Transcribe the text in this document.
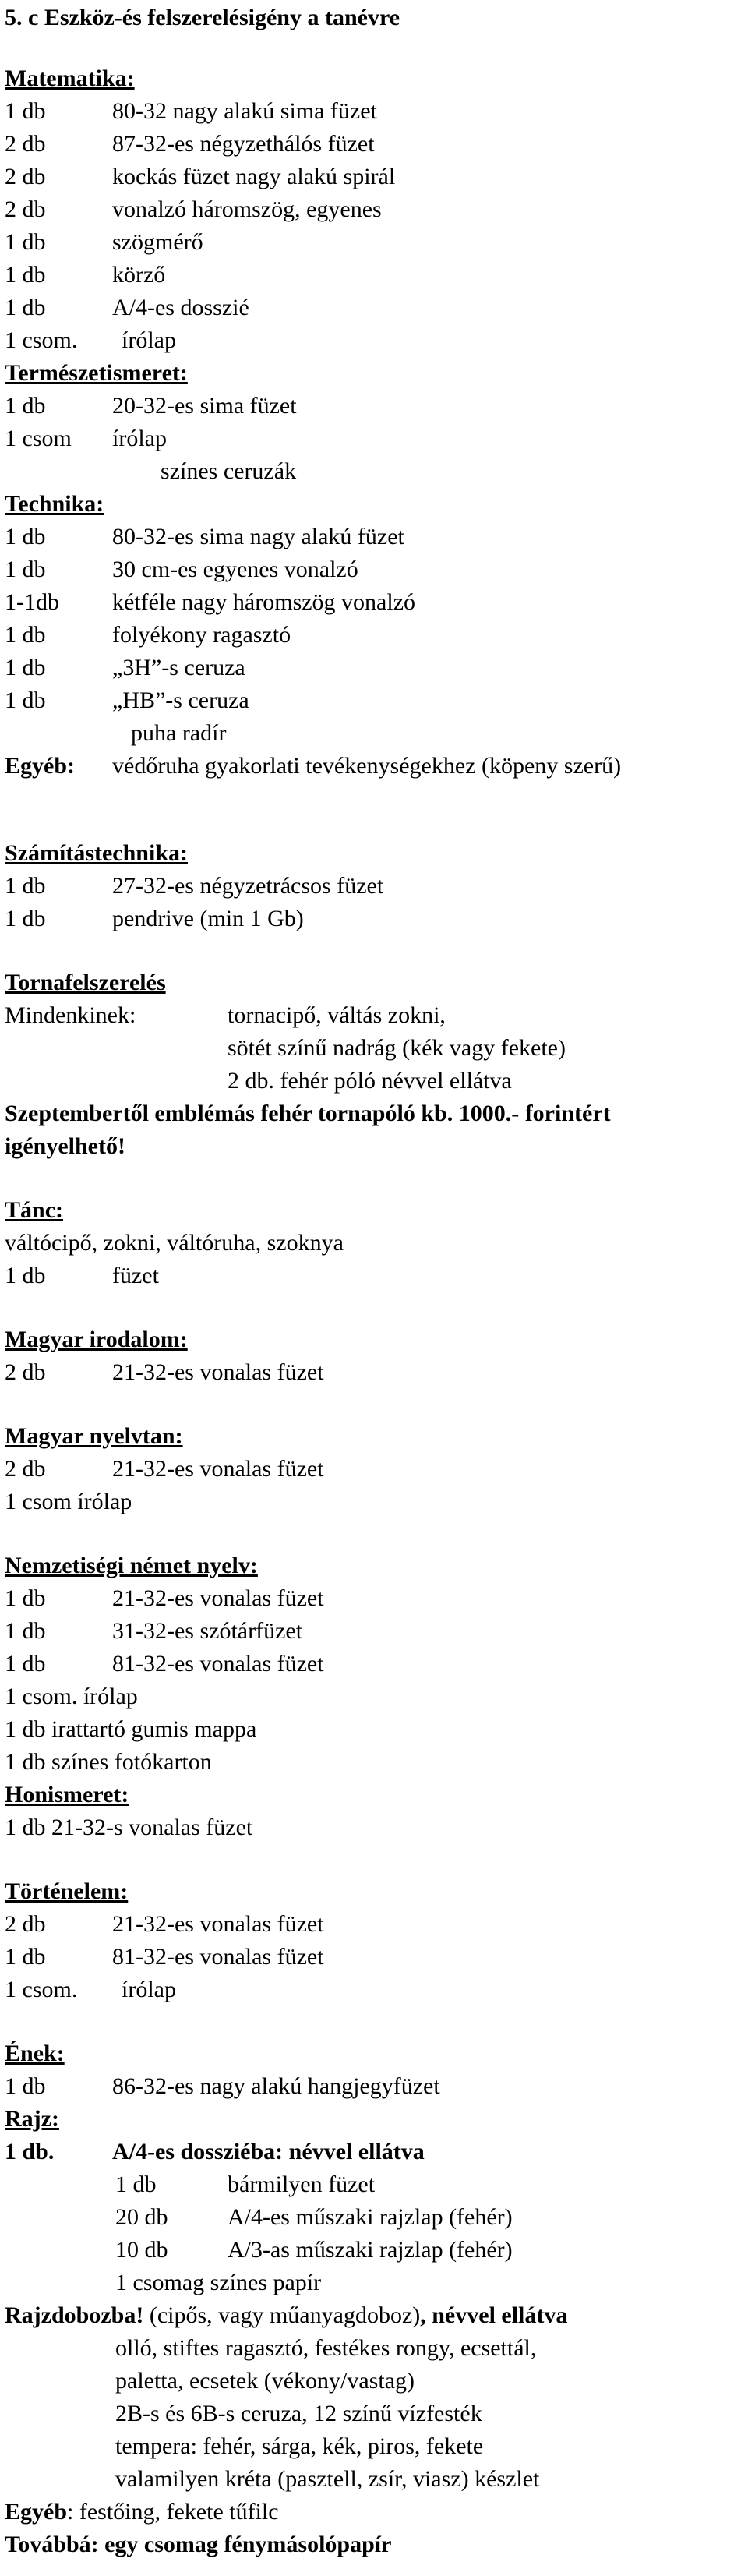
5. c Eszköz-és felszerelésigény a tanévre
Matematika:
1 db	80-32 nagy alakú sima füzet
2 db	87-32-es négyzethálós füzet
2 db	kockás füzet nagy alakú spirál
2 db	vonalzó háromszög, egyenes
1 db	szögmérő
1 db	körző
1 db	A/4-es dosszié
1 csom. írólap
Természetismeret:
1 db	20-32-es sima füzet
1 csom írólap
színes ceruzák
Technika:
1 db	80-32-es sima nagy alakú füzet
1 db	30 cm-es egyenes vonalzó
1-1db kétféle nagy háromszög vonalzó
1 db	folyékony ragasztó
1 db	„3H”-s ceruza
1 db	„HB”-s ceruza
puha radír
Egyéb: védőruha gyakorlati tevékenységekhez (köpeny szerű)
Számítástechnika:
1 db	27-32-es négyzetrácsos füzet
1 db	pendrive (min 1 Gb)
Tornafelszerelés
Mindenkinek:	tornacipő, váltás zokni,
sötét színű nadrág (kék vagy fekete)
2 db. fehér póló névvel ellátva
Szeptembertől emblémás fehér tornapóló kb. 1000.- forintért
igényelhető!
Tánc:
váltócipő, zokni, váltóruha, szoknya
1 db	füzet
Magyar irodalom:
2 db	21-32-es vonalas füzet
Magyar nyelvtan:
2 db	21-32-es vonalas füzet
1 csom írólap
Nemzetiségi német nyelv:
1 db	21-32-es vonalas füzet
1 db	31-32-es szótárfüzet
1 db	81-32-es vonalas füzet
1 csom. írólap
1 db irattartó gumis mappa
1 db színes fotókarton
Honismeret:
1 db 21-32-s vonalas füzet
Történelem:
2 db	21-32-es vonalas füzet
1 db	81-32-es vonalas füzet
1 csom. írólap
Ének:
1 db	86-32-es nagy alakú hangjegyfüzet
Rajz:
1 db. A/4-es dossziéba: névvel ellátva
1 db	bármilyen füzet
20 db	A/4-es műszaki rajzlap (fehér)
10 db	A/3-as műszaki rajzlap (fehér)
1 csomag színes papír
Rajzdobozba! (cipős, vagy műanyagdoboz), névvel ellátva
olló, stiftes ragasztó, festékes rongy, ecsettál,
paletta, ecsetek (vékony/vastag)
2B-s és 6B-s ceruza, 12 színű vízfesték
tempera: fehér, sárga, kék, piros, fekete
valamilyen kréta (pasztell, zsír, viasz) készlet
Egyéb: festőing, fekete tűfilc
Továbbá: egy csomag fénymásolópapír
